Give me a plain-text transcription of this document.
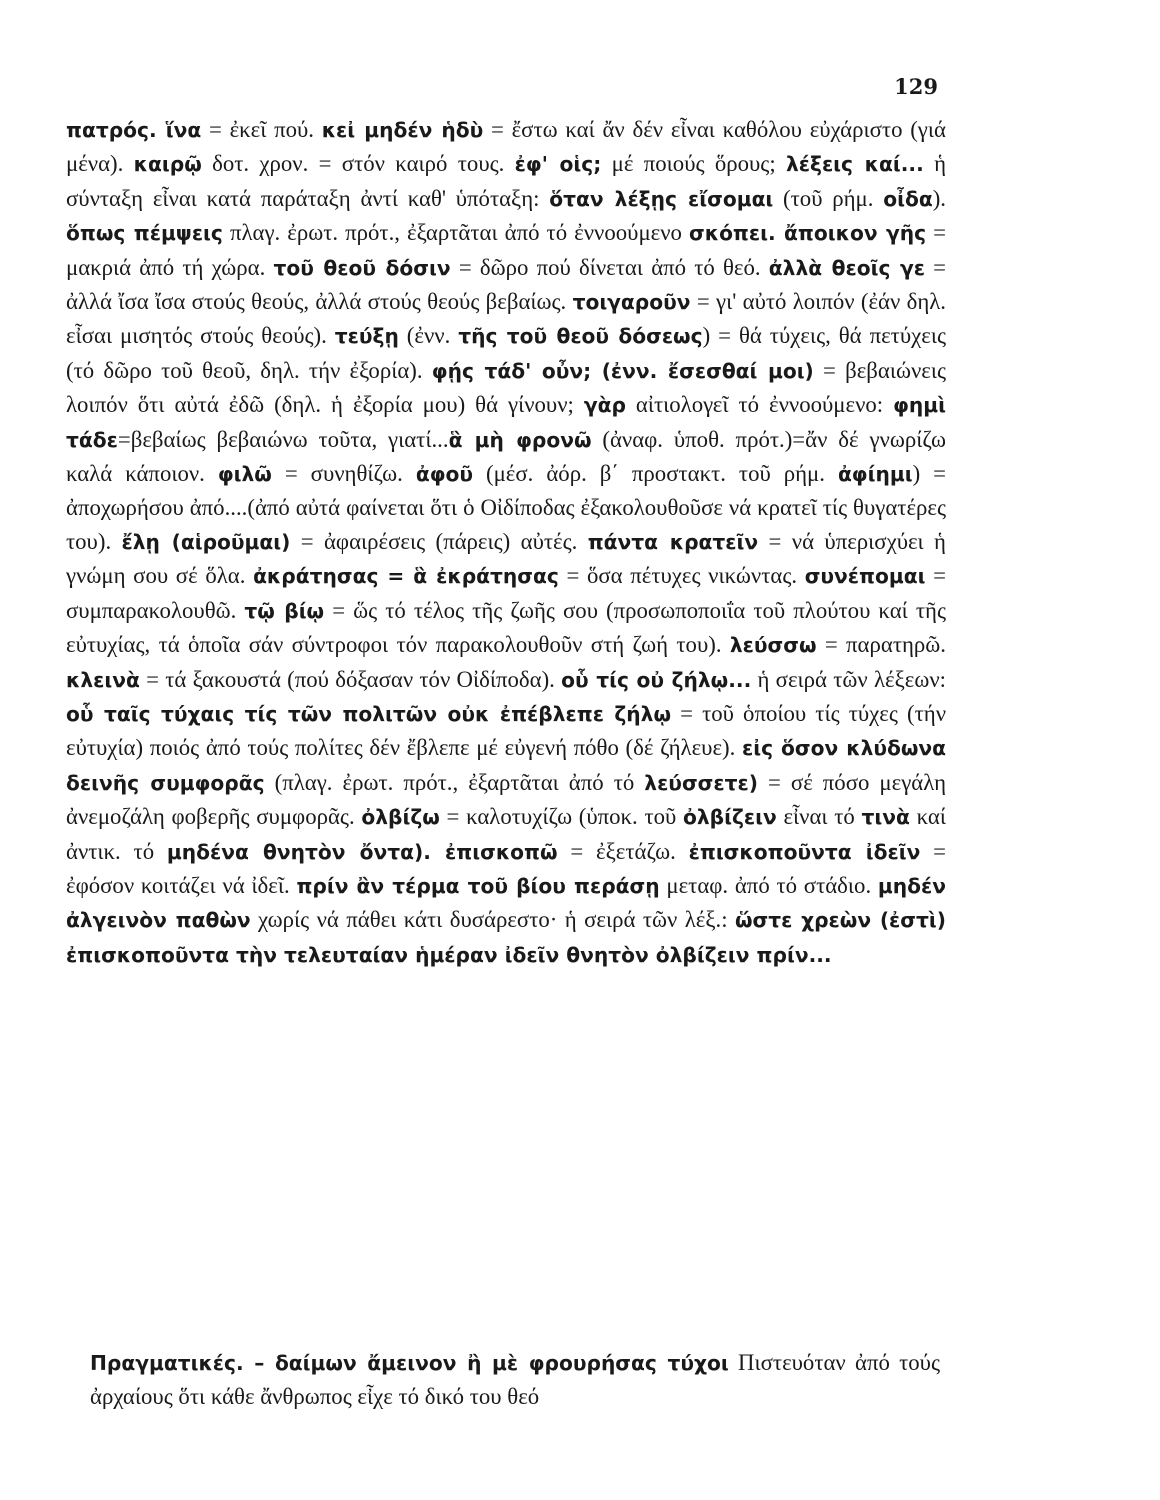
129
πατρός. ἵνα = ἐκεῖ πού. κεἰ μηδέν ἡδὺ = ἔστω καί ἄν δέν εἶναι καθόλου εὐχάριστο (γιά μένα). καιρῷ δοτ. χρον. = στόν καιρό τους. ἐφ' οἱς; μέ ποιούς ὅρους; λέξεις καί... ἡ σύνταξη εἶναι κατά παράταξη ἀντί καθ' ὑπόταξη: ὅταν λέξῃς εἴσομαι (τοῦ ρήμ. οἶδα). ὅπως πέμψεις πλαγ. ἐρωτ. πρότ., ἐξαρτᾶται ἀπό τό ἐννοούμενο σκόπει. ἄποικον γῆς = μακριά ἀπό τή χώρα. τοῦ θεοῦ δόσιν = δῶρο πού δίνεται ἀπό τό θεό. ἀλλὰ θεοῖς γε = ἀλλά ἴσα ἴσα στούς θεούς, ἀλλά στούς θεούς βεβαίως. τοιγαροῦν = γι' αὐτό λοιπόν (ἐάν δηλ. εἶσαι μισητός στούς θεούς). τεύξῃ (ἐνν. τῆς τοῦ θεοῦ δόσεως) = θά τύχεις, θά πετύχεις (τό δῶρο τοῦ θεοῦ, δηλ. τήν ἐξορία). φῄς τάδ' οὖν; (ἐνν. ἔσεσθαί μοι) = βεβαιώνεις λοιπόν ὅτι αὐτά ἐδῶ (δηλ. ἡ ἐξορία μου) θά γίνουν; γὰρ αἰτιολογεῖ τό ἐννοούμενο: φημὶ τάδε=βεβαίως βεβαιώνω τοῦτα, γιατί...ἃ μὴ φρονῶ (ἀναφ. ὑποθ. πρότ.)=ἄν δέ γνωρίζω καλά κάποιον. φιλῶ = συνηθίζω. ἀφοῦ (μέσ. ἀόρ. β΄ προστακτ. τοῦ ρήμ. ἀφίημι) = ἀποχωρήσου ἀπό....(ἀπό αὐτά φαίνεται ὅτι ὁ Οἰδίποδας ἐξακολουθοῦσε νά κρατεῖ τίς θυγατέρες του). ἔλῃ (αἱροῦμαι) = ἀφαιρέσεις (πάρεις) αὐτές. πάντα κρατεῖν = νά ὑπερισχύει ἡ γνώμη σου σέ ὅλα. ἀκράτησας = ἃ ἐκράτησας = ὅσα πέτυχες νικώντας. συνέπομαι = συμπαρακολουθῶ. τῷ βίῳ = ὥς τό τέλος τῆς ζωῆς σου (προσωποποιΐα τοῦ πλούτου καί τῆς εὐτυχίας, τά ὁποῖα σάν σύντροφοι τόν παρακολουθοῦν στή ζωή του). λεύσσω = παρατηρῶ. κλεινὰ = τά ξακουστά (πού δόξασαν τόν Οἰδίποδα). οὗ τίς οὐ ζήλῳ... ἡ σειρά τῶν λέξεων: οὗ ταῖς τύχαις τίς τῶν πολιτῶν οὐκ ἐπέβλεπε ζήλῳ = τοῦ ὁποίου τίς τύχες (τήν εὐτυχία) ποιός ἀπό τούς πολίτες δέν ἔβλεπε μέ εὐγενή πόθο (δέ ζήλευε). εἰς ὅσον κλύδωνα δεινῆς συμφορᾶς (πλαγ. ἐρωτ. πρότ., ἐξαρτᾶται ἀπό τό λεύσσετε) = σέ πόσο μεγάλη ἀνεμοζάλη φοβερῆς συμφορᾶς. ὀλβίζω = καλοτυχίζω (ὑποκ. τοῦ ὀλβίζειν εἶναι τό τινὰ καί ἀντικ. τό μηδένα θνητὸν ὄντα). ἐπισκοπῶ = ἐξετάζω. ἐπισκοποῦντα ἰδεῖν = ἐφόσον κοιτάζει νά ἰδεῖ. πρίν ἂν τέρμα τοῦ βίου περάσῃ μεταφ. ἀπό τό στάδιο. μηδέν ἀλγεινὸν παθὼν χωρίς νά πάθει κάτι δυσάρεστο· ἡ σειρά τῶν λέξ.: ὥστε χρεὼν (ἐστὶ) ἐπισκοποῦντα τὴν τελευταίαν ἡμέραν ἰδεῖν θνητὸν ὀλβίζειν πρίν...
Πραγματικές. – δαίμων ἄμεινον ἢ μὲ φρουρήσας τύχοι Πιστευόταν ἀπό τούς ἀρχαίους ὅτι κάθε ἄνθρωπος εἶχε τό δικό του θεό
